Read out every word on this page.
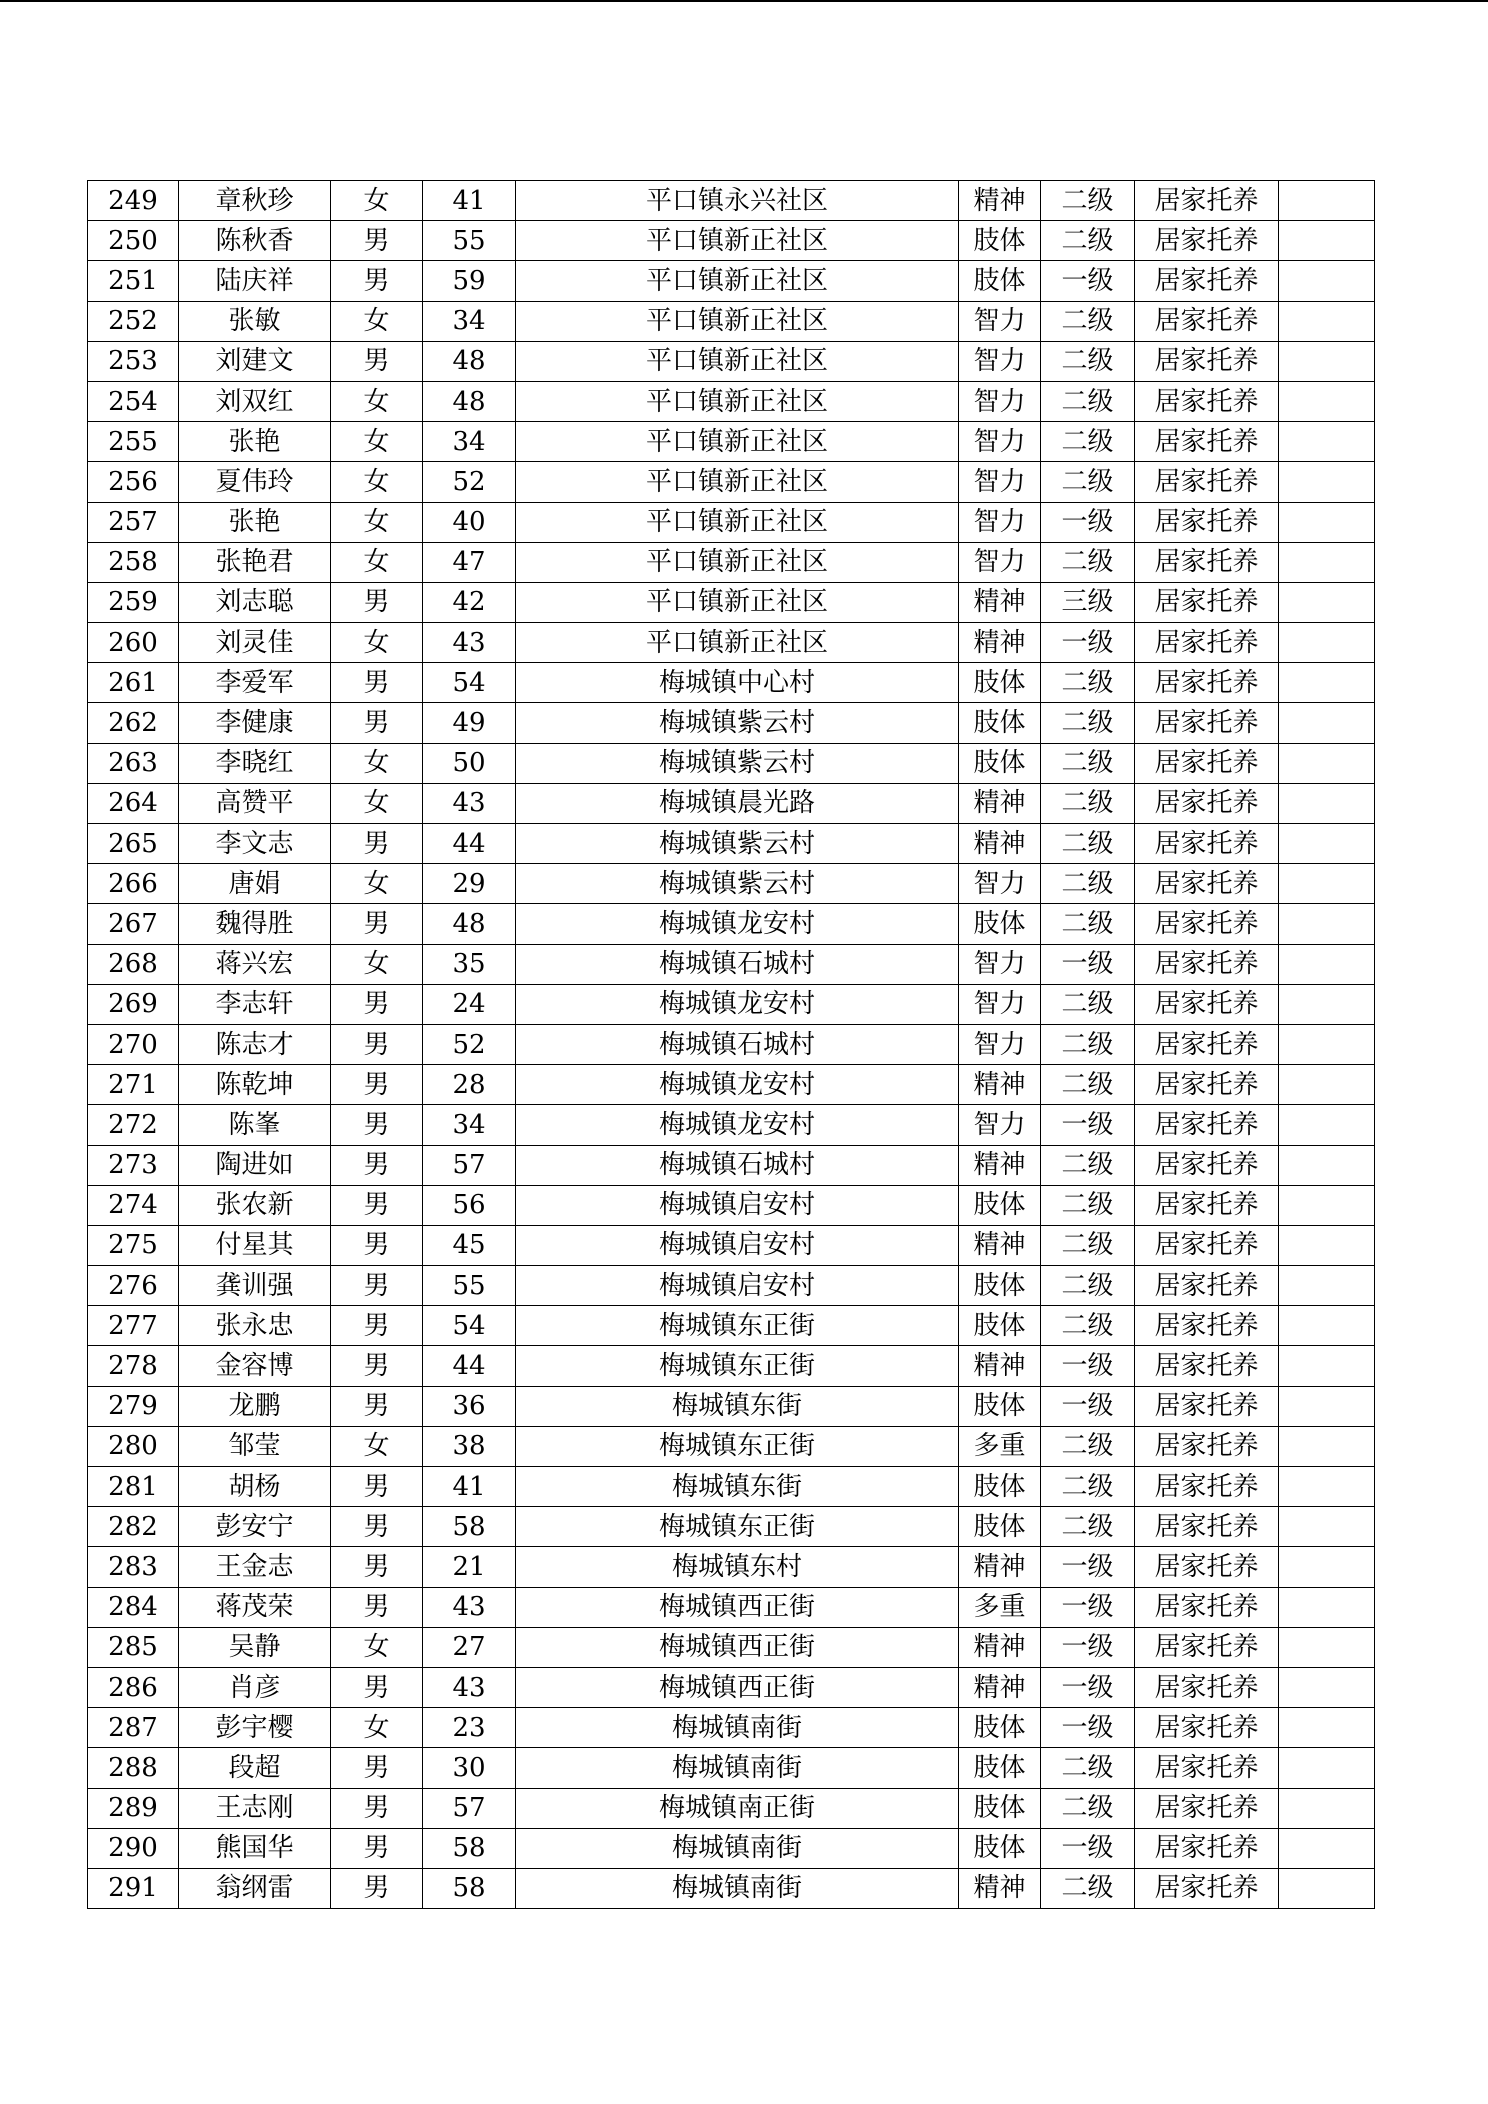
249	章秋珍	女	41	平口镇永兴社区	精神	二级	居家托养	
250	陈秋香	男	55	平口镇新正社区	肢体	二级	居家托养	
251	陆庆祥	男	59	平口镇新正社区	肢体	一级	居家托养	
252	张敏	女	34	平口镇新正社区	智力	二级	居家托养	
253	刘建文	男	48	平口镇新正社区	智力	二级	居家托养	
254	刘双红	女	48	平口镇新正社区	智力	二级	居家托养	
255	张艳	女	34	平口镇新正社区	智力	二级	居家托养	
256	夏伟玲	女	52	平口镇新正社区	智力	二级	居家托养	
257	张艳	女	40	平口镇新正社区	智力	一级	居家托养	
258	张艳君	女	47	平口镇新正社区	智力	二级	居家托养	
259	刘志聪	男	42	平口镇新正社区	精神	三级	居家托养	
260	刘灵佳	女	43	平口镇新正社区	精神	一级	居家托养	
261	李爱军	男	54	梅城镇中心村	肢体	二级	居家托养	
262	李健康	男	49	梅城镇紫云村	肢体	二级	居家托养	
263	李晓红	女	50	梅城镇紫云村	肢体	二级	居家托养	
264	高赞平	女	43	梅城镇晨光路	精神	二级	居家托养	
265	李文志	男	44	梅城镇紫云村	精神	二级	居家托养	
266	唐娟	女	29	梅城镇紫云村	智力	二级	居家托养	
267	魏得胜	男	48	梅城镇龙安村	肢体	二级	居家托养	
268	蒋兴宏	女	35	梅城镇石城村	智力	一级	居家托养	
269	李志轩	男	24	梅城镇龙安村	智力	二级	居家托养	
270	陈志才	男	52	梅城镇石城村	智力	二级	居家托养	
271	陈乾坤	男	28	梅城镇龙安村	精神	二级	居家托养	
272	陈峯	男	34	梅城镇龙安村	智力	一级	居家托养	
273	陶进如	男	57	梅城镇石城村	精神	二级	居家托养	
274	张农新	男	56	梅城镇启安村	肢体	二级	居家托养	
275	付星其	男	45	梅城镇启安村	精神	二级	居家托养	
276	龚训强	男	55	梅城镇启安村	肢体	二级	居家托养	
277	张永忠	男	54	梅城镇东正街	肢体	二级	居家托养	
278	金容博	男	44	梅城镇东正街	精神	一级	居家托养	
279	龙鹏	男	36	梅城镇东街	肢体	一级	居家托养	
280	邹莹	女	38	梅城镇东正街	多重	二级	居家托养	
281	胡杨	男	41	梅城镇东街	肢体	二级	居家托养	
282	彭安宁	男	58	梅城镇东正街	肢体	二级	居家托养	
283	王金志	男	21	梅城镇东村	精神	一级	居家托养	
284	蒋茂荣	男	43	梅城镇西正街	多重	一级	居家托养	
285	吴静	女	27	梅城镇西正街	精神	一级	居家托养	
286	肖彦	男	43	梅城镇西正街	精神	一级	居家托养	
287	彭宇樱	女	23	梅城镇南街	肢体	一级	居家托养	
288	段超	男	30	梅城镇南街	肢体	二级	居家托养	
289	王志刚	男	57	梅城镇南正街	肢体	二级	居家托养	
290	熊国华	男	58	梅城镇南街	肢体	一级	居家托养	
291	翁纲雷	男	58	梅城镇南街	精神	二级	居家托养	
